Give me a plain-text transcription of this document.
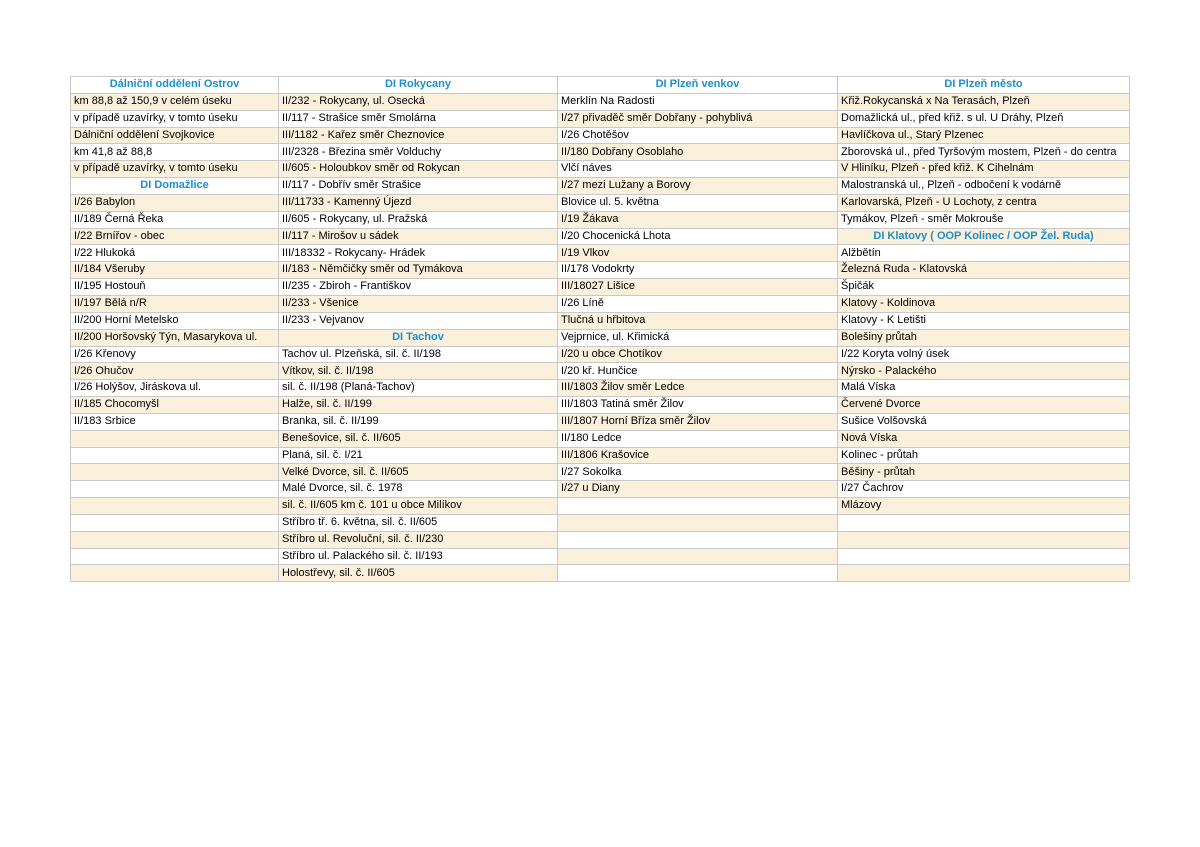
Dálniční oddělení Ostrov	DI Rokycany	DI Plzeň venkov	DI Plzeň město
km 88,8 až 150,9 v celém úseku	II/232 - Rokycany, ul. Osecká	Merklín Na Radosti	Křiž.Rokycanská x Na Terasách, Plzeň
v případě uzavírky, v tomto úseku	II/117 - Strašice směr Smolárna	I/27 přivaděč směr Dobřany - pohyblivá	Domažlická ul., před křiž. s ul. U Dráhy, Plzeň
Dálniční oddělení Svojkovice	III/1182 - Kařez směr Cheznovice	I/26 Chotěšov	Havlíčkova ul., Starý Plzenec
km 41,8 až 88,8	III/2328 - Březina směr Volduchy	II/180 Dobřany Osoblaho	Zborovská ul., před Tyršovým mostem, Plzeň - do centra
v případě uzavírky, v tomto úseku	II/605 - Holoubkov směr od Rokycan	Vlčí náves	V Hliníku, Plzeň - před křiž. K Cihelnám
DI Domažlice	II/117 - Dobřív směr Strašice	I/27 mezi Lužany a Borovy	Malostranská ul., Plzeň - odbočení k vodárně
I/26 Babylon	III/11733 - Kamenný Újezd	Blovice ul. 5. května	Karlovarská, Plzeň - U Lochoty, z centra
II/189 Černá Řeka	II/605 - Rokycany, ul. Pražská	I/19 Žákava	Tymákov, Plzeň - směr Mokrouše
I/22 Brnířov - obec	II/117 - Mirošov u sádek	I/20 Chocenická Lhota	DI Klatovy ( OOP Kolinec / OOP Žel. Ruda)
I/22 Hlukoká	III/18332 - Rokycany- Hrádek	I/19 Vlkov	Alžbětín
II/184 Všeruby	II/183 - Němčičky směr od Tymákova	II/178 Vodokrty	Železná Ruda - Klatovská
II/195 Hostouň	II/235 - Zbiroh - Františkov	III/18027 Lišice	Špičák
II/197 Bělá n/R	II/233 - Všenice	I/26 Líně	Klatovy - Koldinova
II/200 Horní Metelsko	II/233 - Vejvanov	Tlučná u hřbitova	Klatovy - K Letišti
II/200 Horšovský Týn, Masarykova ul.	DI Tachov	Vejprnice, ul. Křimická	Bolešiny průtah
I/26 Křenovy	Tachov ul. Plzeňská, sil. č. II/198	I/20 u obce Chotíkov	I/22 Koryta volný úsek
I/26 Ohučov	Vítkov, sil. č. II/198	I/20 kř. Hunčice	Nýrsko - Palackého
I/26 Holýšov, Jiráskova ul.	sil. č. II/198 (Planá-Tachov)	III/1803 Žilov směr Ledce	Malá Víska
II/185 Chocomyšl	Halže, sil. č. II/199	III/1803 Tatiná směr Žilov	Červené Dvorce
II/183 Srbice	Branka, sil. č. II/199	III/1807 Horní Bříza směr Žilov	Sušice Volšovská
	Benešovice, sil. č. II/605	II/180 Ledce	Nová Víska
	Planá, sil. č. I/21	III/1806 Krašovice	Kolinec - průtah
	Velké Dvorce, sil. č. II/605	I/27 Sokolka	Běšiny - průtah
	Malé Dvorce, sil. č. 1978	I/27 u Diany	I/27 Čachrov
	sil. č. II/605 km č. 101 u obce Milíkov		Mlázovy
	Stříbro tř. 6. května, sil. č. II/605		
	Stříbro ul. Revoluční, sil. č. II/230		
	Stříbro ul. Palackého sil. č. II/193		
	Holostřevy, sil. č. II/605		
